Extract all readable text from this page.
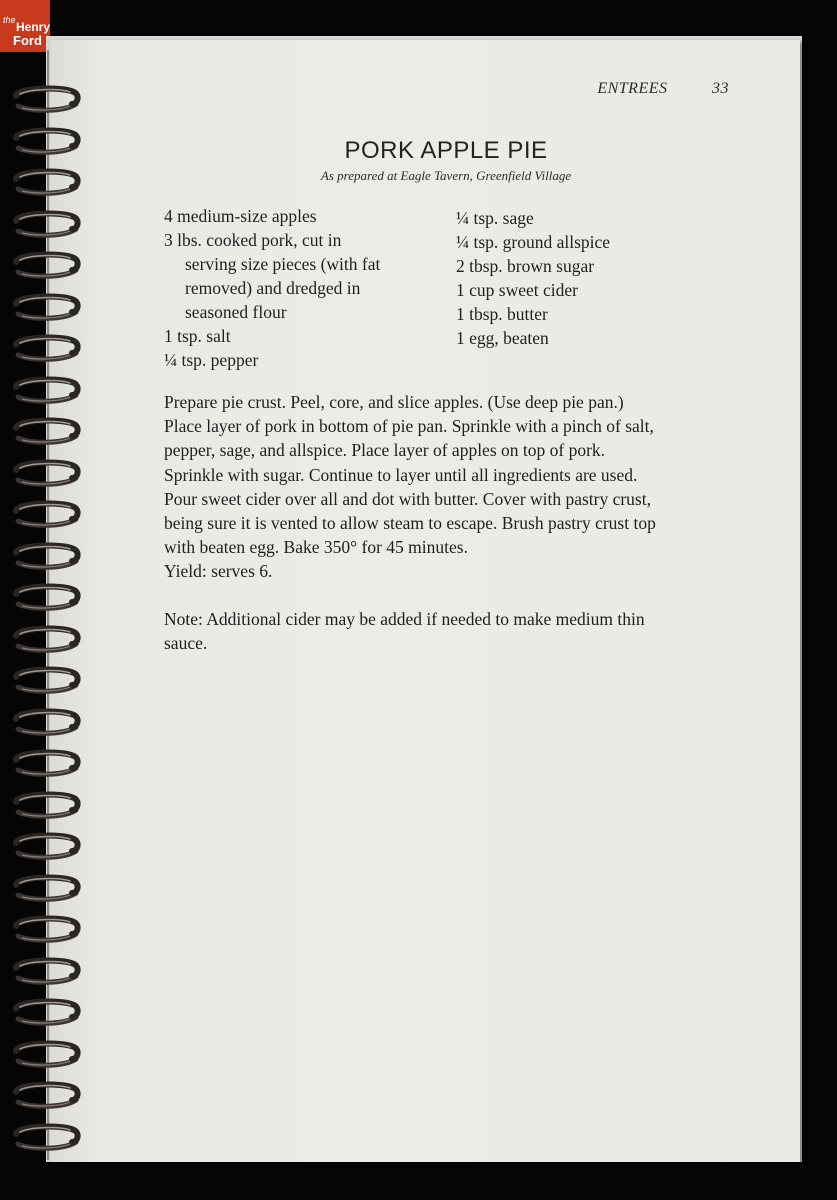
the Henry
Ford
ENTREES	33
PORK APPLE PIE
As prepared at Eagle Tavern, Greenfield Village
4 medium-size apples
3 lbs. cooked pork, cut in
serving size pieces (with fat
removed) and dredged in
seasoned flour
1 tsp. salt
¼ tsp. pepper
¼ tsp. sage
¼ tsp. ground allspice
2 tbsp. brown sugar
1 cup sweet cider
1 tbsp. butter
1 egg, beaten
Prepare pie crust. Peel, core, and slice apples. (Use deep pie pan.)
Place layer of pork in bottom of pie pan. Sprinkle with a pinch of salt,
pepper, sage, and allspice. Place layer of apples on top of pork.
Sprinkle with sugar. Continue to layer until all ingredients are used.
Pour sweet cider over all and dot with butter. Cover with pastry crust,
being sure it is vented to allow steam to escape. Brush pastry crust top
with beaten egg. Bake 350° for 45 minutes.
Yield: serves 6.
Note: Additional cider may be added if needed to make medium thin
sauce.
